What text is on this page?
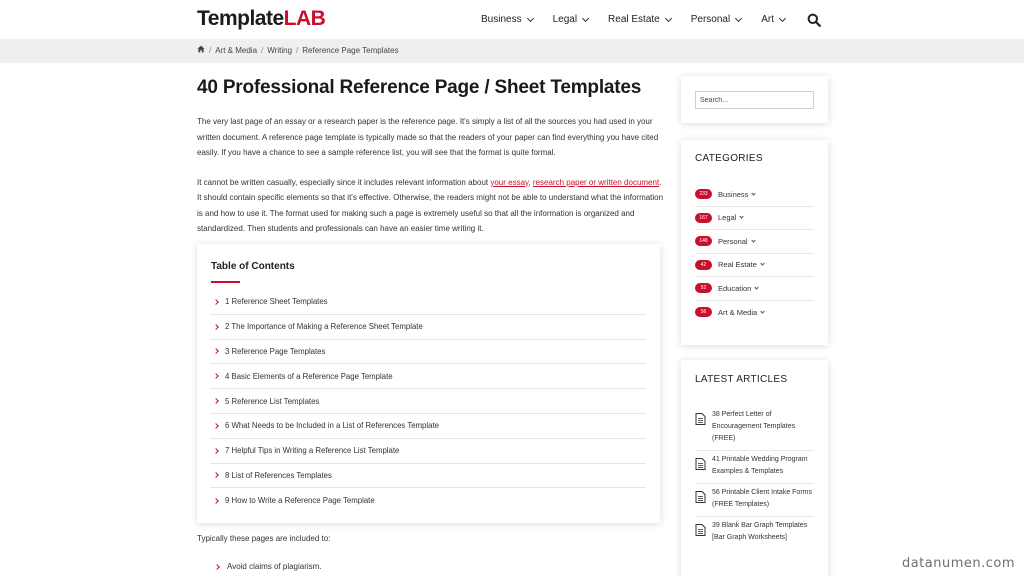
TemplateLAB	Business	Legal	Real Estate	Personal	Art
/ Art & Media / Writing / Reference Page Templates
40 Professional Reference Page / Sheet Templates

The very last page of an essay or a research paper is the reference page. It's simply a list of all the sources you had used in your written document. A reference page template is typically made so that the readers of your paper can find everything you have cited easily. If you have a chance to see a sample reference list, you will see that the format is quite formal.

It cannot be written casually, especially since it includes relevant information about your essay, research paper or written document. It should contain specific elements so that it's effective. Otherwise, the readers might not be able to understand what the information is and how to use it. The format used for making such a page is extremely useful so that all the information is organized and standardized. Then students and professionals can have an easier time writing it.

Table of Contents
1 Reference Sheet Templates
2 The Importance of Making a Reference Sheet Template
3 Reference Page Templates
4 Basic Elements of a Reference Page Template
5 Reference List Templates
6 What Needs to be Included in a List of References Template
7 Helpful Tips in Writing a Reference List Template
8 List of References Templates
9 How to Write a Reference Page Template
Typically these pages are included to:
Avoid claims of plagiarism.
Search...
CATEGORIES
233	Business
167	Legal
148	Personal
42	Real Estate
52	Education
56	Art & Media
LATEST ARTICLES
38 Perfect Letter of Encouragement Templates (FREE)
41 Printable Wedding Program Examples & Templates
56 Printable Client Intake Forms (FREE Templates)
39 Blank Bar Graph Templates [Bar Graph Worksheets]
datanumen.com
